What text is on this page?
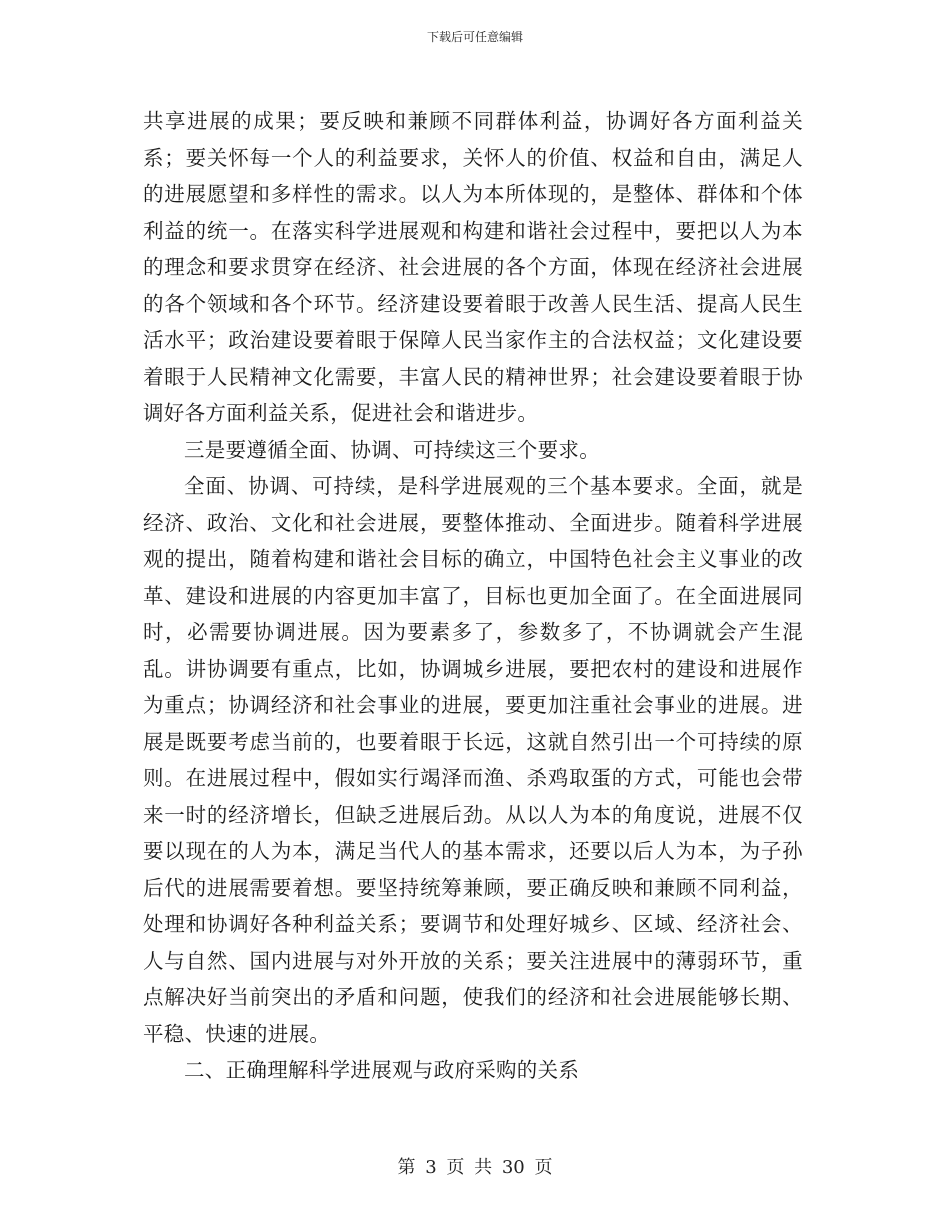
下载后可任意编辑

共享进展的成果；要反映和兼顾不同群体利益，协调好各方面利益关系；要关怀每一个人的利益要求，关怀人的价值、权益和自由，满足人的进展愿望和多样性的需求。以人为本所体现的，是整体、群体和个体利益的统一。在落实科学进展观和构建和谐社会过程中，要把以人为本的理念和要求贯穿在经济、社会进展的各个方面，体现在经济社会进展的各个领域和各个环节。经济建设要着眼于改善人民生活、提高人民生活水平；政治建设要着眼于保障人民当家作主的合法权益；文化建设要着眼于人民精神文化需要，丰富人民的精神世界；社会建设要着眼于协调好各方面利益关系，促进社会和谐进步。

三是要遵循全面、协调、可持续这三个要求。

全面、协调、可持续，是科学进展观的三个基本要求。全面，就是经济、政治、文化和社会进展，要整体推动、全面进步。随着科学进展观的提出，随着构建和谐社会目标的确立，中国特色社会主义事业的改革、建设和进展的内容更加丰富了，目标也更加全面了。在全面进展同时，必需要协调进展。因为要素多了，参数多了，不协调就会产生混乱。讲协调要有重点，比如，协调城乡进展，要把农村的建设和进展作为重点；协调经济和社会事业的进展，要更加注重社会事业的进展。进展是既要考虑当前的，也要着眼于长远，这就自然引出一个可持续的原则。在进展过程中，假如实行竭泽而渔、杀鸡取蛋的方式，可能也会带来一时的经济增长，但缺乏进展后劲。从以人为本的角度说，进展不仅要以现在的人为本，满足当代人的基本需求，还要以后人为本，为子孙后代的进展需要着想。要坚持统筹兼顾，要正确反映和兼顾不同利益，处理和协调好各种利益关系；要调节和处理好城乡、区域、经济社会、人与自然、国内进展与对外开放的关系；要关注进展中的薄弱环节，重点解决好当前突出的矛盾和问题，使我们的经济和社会进展能够长期、平稳、快速的进展。

二、正确理解科学进展观与政府采购的关系

第 3 页 共 30 页
